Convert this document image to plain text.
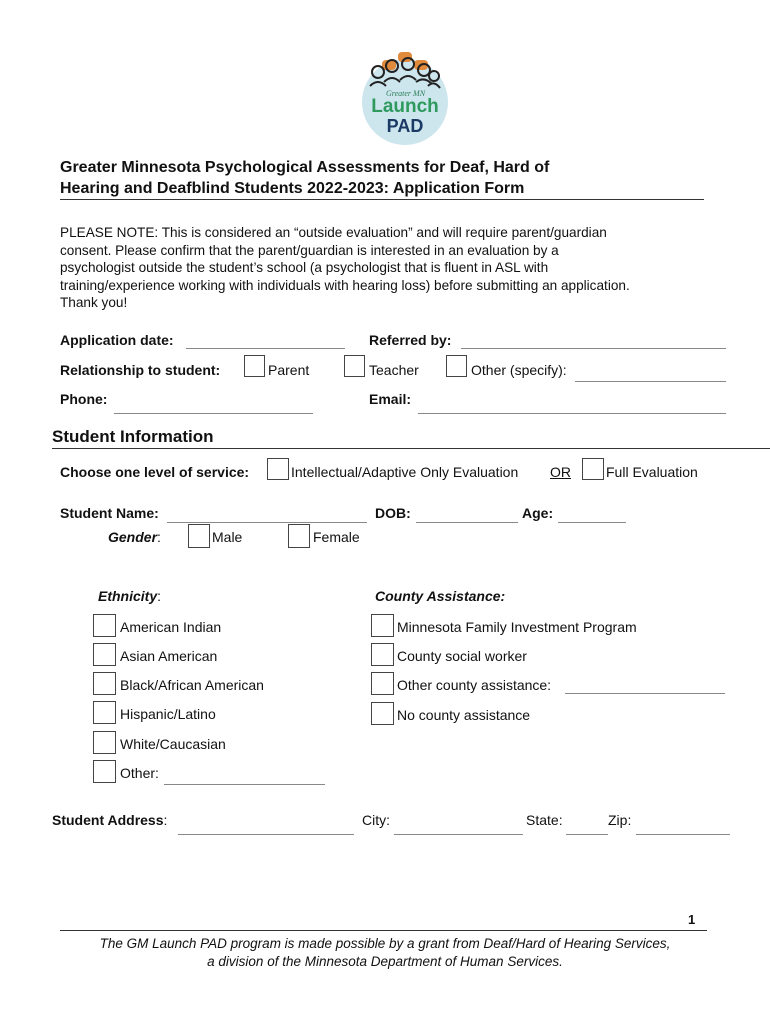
Greater MN
Launch
PAD
Greater Minnesota Psychological Assessments for Deaf, Hard of
Hearing and Deafblind Students 2022-2023: Application Form
PLEASE NOTE: This is considered an “outside evaluation” and will require parent/guardian
consent. Please confirm that the parent/guardian is interested in an evaluation by a
psychologist outside the student’s school (a psychologist that is fluent in ASL with
training/experience working with individuals with hearing loss) before submitting an application.
Thank you!
Application date:	Referred by:
Relationship to student:	Parent	Teacher	Other (specify):
Phone:	Email:
Student Information
Choose one level of service:	Intellectual/Adaptive Only Evaluation OR	Full Evaluation
Student Name:	DOB:	Age:
Gender:	Male	Female
Ethnicity:
American Indian
Asian American
Black/African American
Hispanic/Latino
White/Caucasian
Other:
County Assistance:
Minnesota Family Investment Program
County social worker
Other county assistance:
No county assistance
Student Address:	City:	State:	Zip:
1
The GM Launch PAD program is made possible by a grant from Deaf/Hard of Hearing Services,
a division of the Minnesota Department of Human Services.
